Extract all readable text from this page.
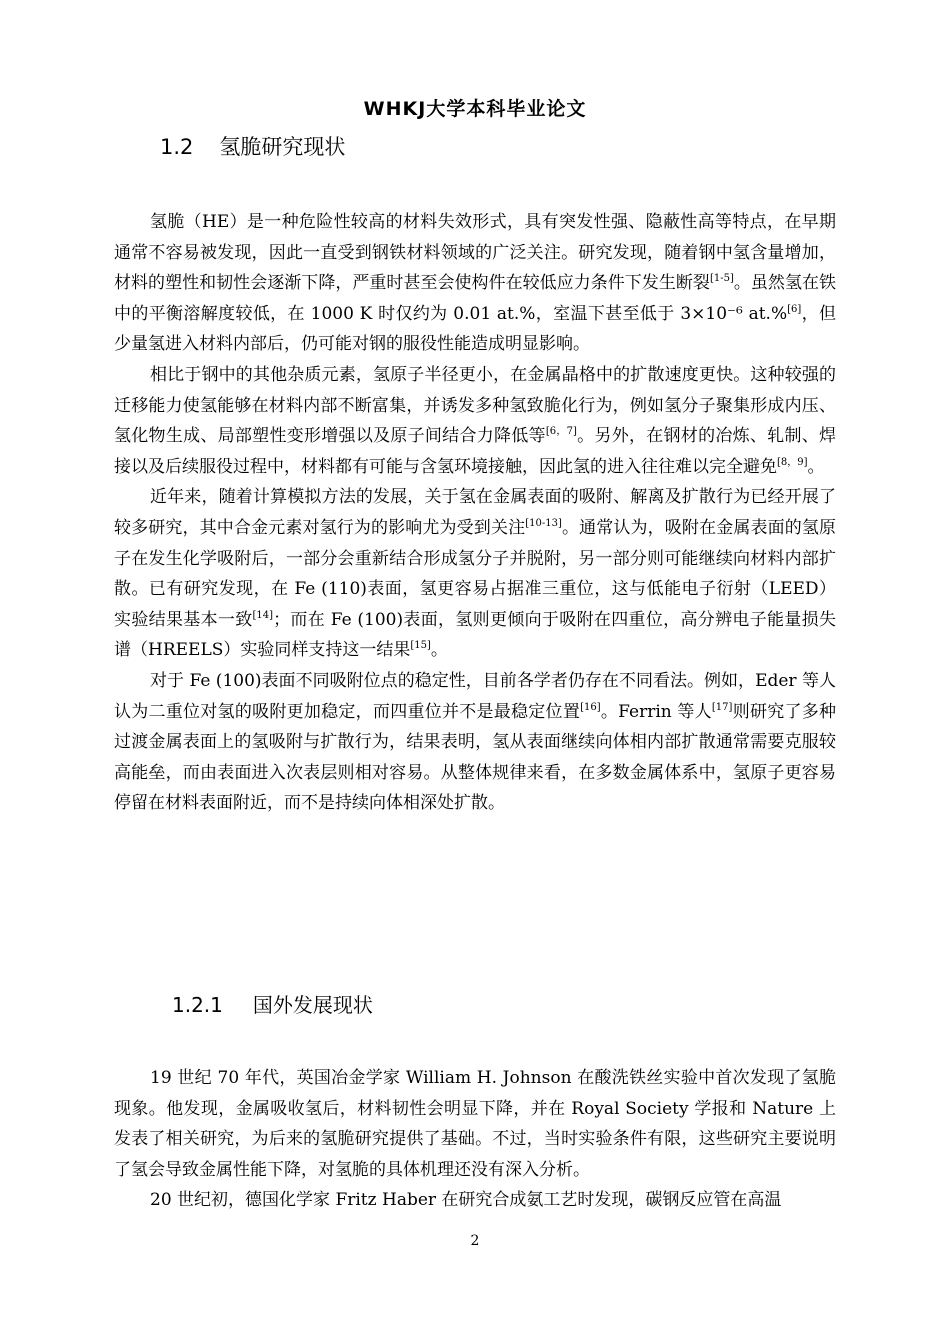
WHKJ大学本科毕业论文
1.2 氢脆研究现状

氢脆（HE）是一种危险性较高的材料失效形式，具有突发性强、隐蔽性高等特点，在早期通常不容易被发现，因此一直受到钢铁材料领域的广泛关注。研究发现，随着钢中氢含量增加，材料的塑性和韧性会逐渐下降，严重时甚至会使构件在较低应力条件下发生断裂[1-5]。虽然氢在铁中的平衡溶解度较低，在 1000 K 时仅约为 0.01 at.%，室温下甚至低于 3×10⁻⁶ at.%[6]，但少量氢进入材料内部后，仍可能对钢的服役性能造成明显影响。

相比于钢中的其他杂质元素，氢原子半径更小，在金属晶格中的扩散速度更快。这种较强的迁移能力使氢能够在材料内部不断富集，并诱发多种氢致脆化行为，例如氢分子聚集形成内压、氢化物生成、局部塑性变形增强以及原子间结合力降低等[6，7]。另外，在钢材的冶炼、轧制、焊接以及后续服役过程中，材料都有可能与含氢环境接触，因此氢的进入往往难以完全避免[8，9]。

近年来，随着计算模拟方法的发展，关于氢在金属表面的吸附、解离及扩散行为已经开展了较多研究，其中合金元素对氢行为的影响尤为受到关注[10-13]。通常认为，吸附在金属表面的氢原子在发生化学吸附后，一部分会重新结合形成氢分子并脱附，另一部分则可能继续向材料内部扩散。已有研究发现，在 Fe (110)表面，氢更容易占据准三重位，这与低能电子衍射（LEED）实验结果基本一致[14]；而在 Fe (100)表面，氢则更倾向于吸附在四重位，高分辨电子能量损失谱（HREELS）实验同样支持这一结果[15]。

对于 Fe (100)表面不同吸附位点的稳定性，目前各学者仍存在不同看法。例如，Eder 等人认为二重位对氢的吸附更加稳定，而四重位并不是最稳定位置[16]。Ferrin 等人[17]则研究了多种过渡金属表面上的氢吸附与扩散行为，结果表明，氢从表面继续向体相内部扩散通常需要克服较高能垒，而由表面进入次表层则相对容易。从整体规律来看，在多数金属体系中，氢原子更容易停留在材料表面附近，而不是持续向体相深处扩散。

1.2.1 国外发展现状

19 世纪 70 年代，英国冶金学家 William H. Johnson 在酸洗铁丝实验中首次发现了氢脆现象。他发现，金属吸收氢后，材料韧性会明显下降，并在 Royal Society 学报和 Nature 上发表了相关研究，为后来的氢脆研究提供了基础。不过，当时实验条件有限，这些研究主要说明了氢会导致金属性能下降，对氢脆的具体机理还没有深入分析。

20 世纪初，德国化学家 Fritz Haber 在研究合成氨工艺时发现，碳钢反应管在高温

2
